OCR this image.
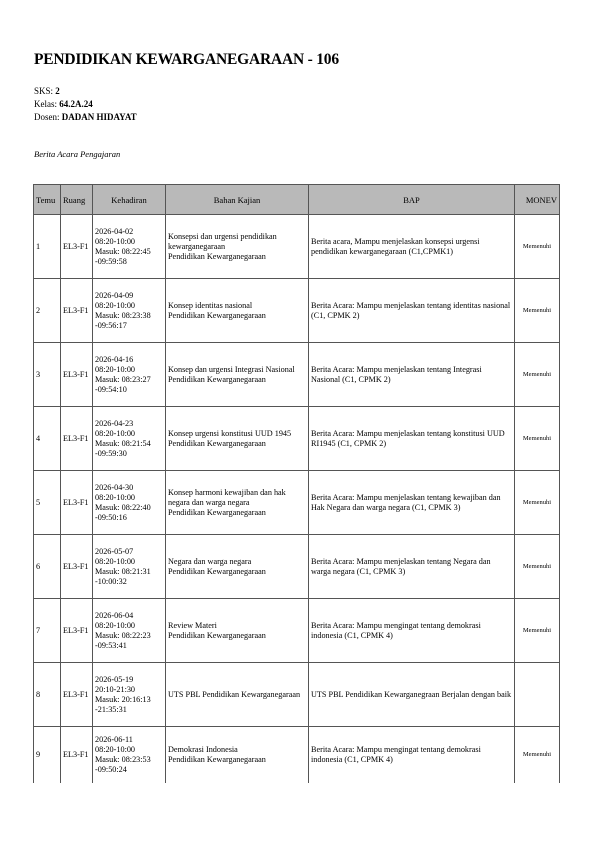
PENDIDIKAN KEWARGANEGARAAN - 106
SKS: 2
Kelas: 64.2A.24
Dosen: DADAN HIDAYAT
Berita Acara Pengajaran
Temu	Ruang	Kehadiran	Bahan Kajian	BAP	MONEV
1	EL3-F1	2026-04-02
08:20-10:00
Masuk: 08:22:45
-09:59:58	Konsepsi dan urgensi pendidikan kewarganegaraan
Pendidikan Kewarganegaraan	Berita acara, Mampu menjelaskan konsepsi urgensi pendidikan kewarganegaraan (C1,CPMK1)	Memenuhi
2	EL3-F1	2026-04-09
08:20-10:00
Masuk: 08:23:38
-09:56:17	Konsep identitas nasional
Pendidikan Kewarganegaraan	Berita Acara: Mampu menjelaskan tentang identitas nasional (C1, CPMK 2)	Memenuhi
3	EL3-F1	2026-04-16
08:20-10:00
Masuk: 08:23:27
-09:54:10	Konsep dan urgensi Integrasi Nasional
Pendidikan Kewarganegaraan	Berita Acara: Mampu menjelaskan tentang Integrasi Nasional (C1, CPMK 2)	Memenuhi
4	EL3-F1	2026-04-23
08:20-10:00
Masuk: 08:21:54
-09:59:30	Konsep urgensi konstitusi UUD 1945
Pendidikan Kewarganegaraan	Berita Acara: Mampu menjelaskan tentang konstitusi UUD RI1945 (C1, CPMK 2)	Memenuhi
5	EL3-F1	2026-04-30
08:20-10:00
Masuk: 08:22:40
-09:50:16	Konsep harmoni kewajiban dan hak negara dan warga negara
Pendidikan Kewarganegaraan	Berita Acara: Mampu menjelaskan tentang kewajiban dan Hak Negara dan warga negara (C1, CPMK 3)	Memenuhi
6	EL3-F1	2026-05-07
08:20-10:00
Masuk: 08:21:31
-10:00:32	Negara dan warga negara
Pendidikan Kewarganegaraan	Berita Acara: Mampu menjelaskan tentang Negara dan warga negara (C1, CPMK 3)	Memenuhi
7	EL3-F1	2026-06-04
08:20-10:00
Masuk: 08:22:23
-09:53:41	Review Materi
Pendidikan Kewarganegaraan	Berita Acara: Mampu mengingat tentang demokrasi indonesia (C1, CPMK 4)	Memenuhi
8	EL3-F1	2026-05-19
20:10-21:30
Masuk: 20:16:13
-21:35:31	UTS PBL Pendidikan Kewarganegaraan	UTS PBL Pendidikan Kewarganegraan Berjalan dengan baik	
9	EL3-F1	2026-06-11
08:20-10:00
Masuk: 08:23:53
-09:50:24	Demokrasi Indonesia
Pendidikan Kewarganegaraan	Berita Acara: Mampu mengingat tentang demokrasi indonesia (C1, CPMK 4)	Memenuhi
